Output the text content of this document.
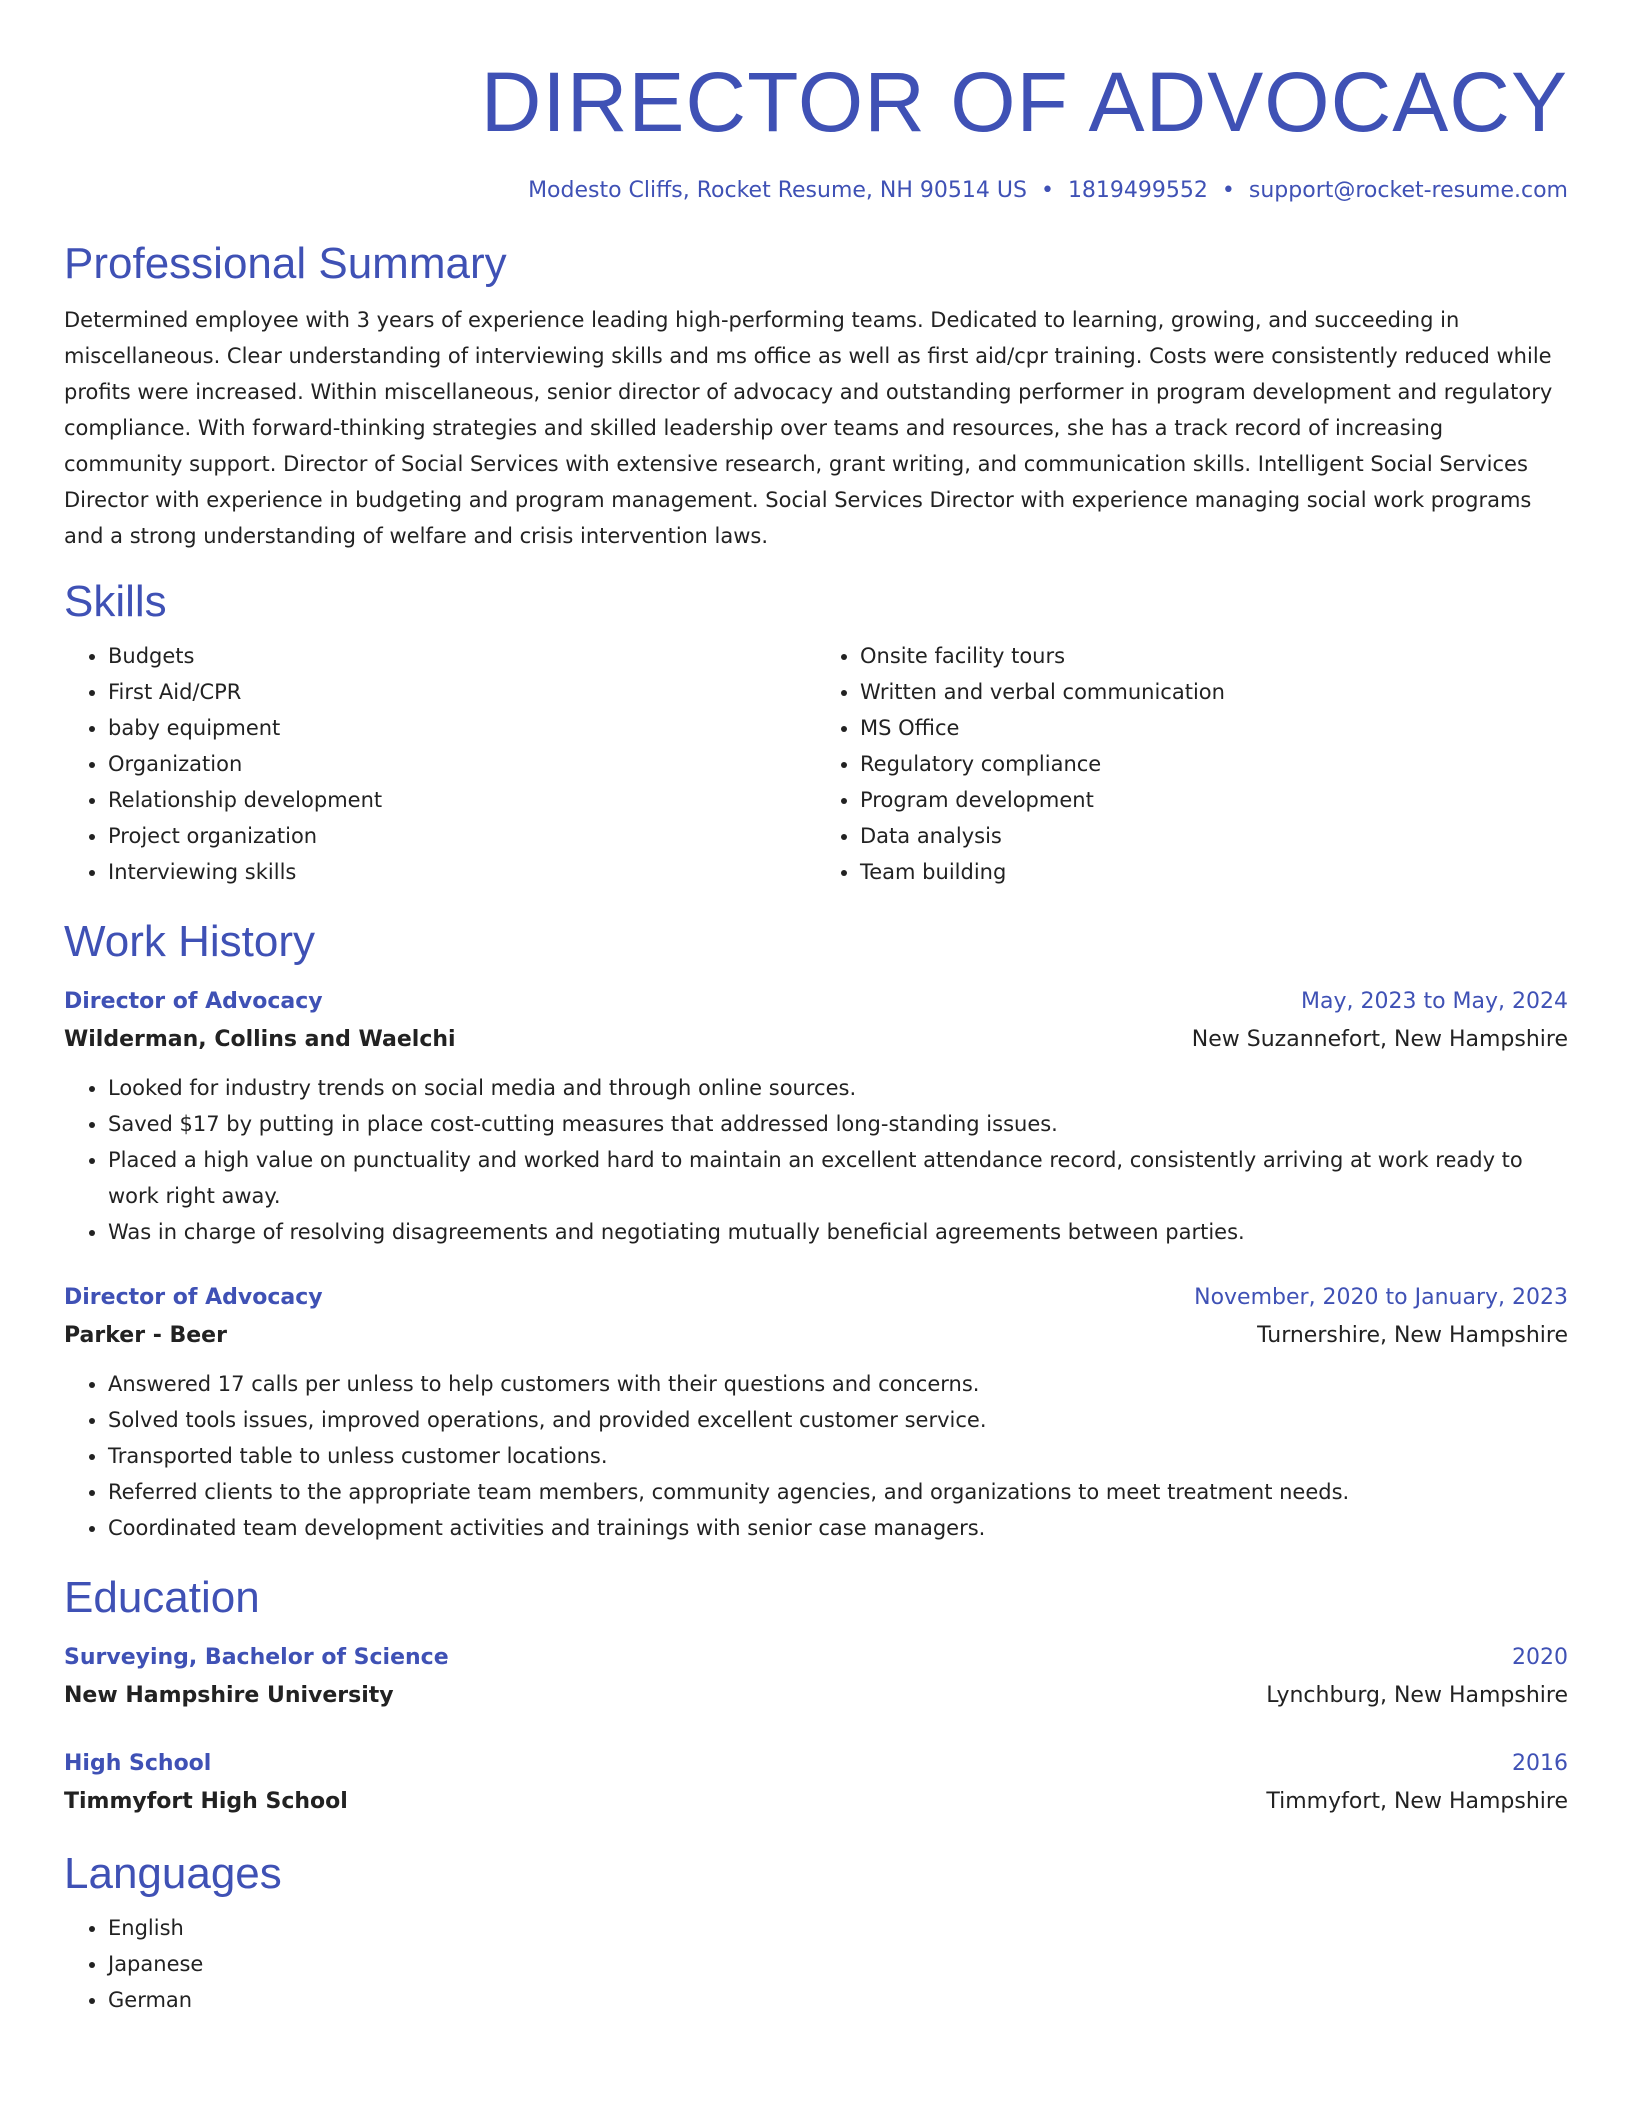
DIRECTOR OF ADVOCACY
Modesto Cliffs, Rocket Resume, NH 90514 US • 1819499552 • support@rocket-resume.com
Professional Summary

Determined employee with 3 years of experience leading high-performing teams. Dedicated to learning, growing, and succeeding in miscellaneous. Clear understanding of interviewing skills and ms office as well as first aid/cpr training. Costs were consistently reduced while profits were increased. Within miscellaneous, senior director of advocacy and outstanding performer in program development and regulatory compliance. With forward-thinking strategies and skilled leadership over teams and resources, she has a track record of increasing community support. Director of Social Services with extensive research, grant writing, and communication skills. Intelligent Social Services Director with experience in budgeting and program management. Social Services Director with experience managing social work programs and a strong understanding of welfare and crisis intervention laws.

Skills
• Budgets
• First Aid/CPR
• baby equipment
• Organization
• Relationship development
• Project organization
• Interviewing skills
• Onsite facility tours
• Written and verbal communication
• MS Office
• Regulatory compliance
• Program development
• Data analysis
• Team building
Work History
Director of Advocacy	May, 2023 to May, 2024
Wilderman, Collins and Waelchi	New Suzannefort, New Hampshire
• Looked for industry trends on social media and through online sources.
• Saved $17 by putting in place cost-cutting measures that addressed long-standing issues.
• Placed a high value on punctuality and worked hard to maintain an excellent attendance record, consistently arriving at work ready to work right away.
• Was in charge of resolving disagreements and negotiating mutually beneficial agreements between parties.
Director of Advocacy	November, 2020 to January, 2023
Parker - Beer	Turnershire, New Hampshire
• Answered 17 calls per unless to help customers with their questions and concerns.
• Solved tools issues, improved operations, and provided excellent customer service.
• Transported table to unless customer locations.
• Referred clients to the appropriate team members, community agencies, and organizations to meet treatment needs.
• Coordinated team development activities and trainings with senior case managers.
Education
Surveying, Bachelor of Science	2020
New Hampshire University	Lynchburg, New Hampshire
High School	2016
Timmyfort High School	Timmyfort, New Hampshire
Languages
• English
• Japanese
• German
